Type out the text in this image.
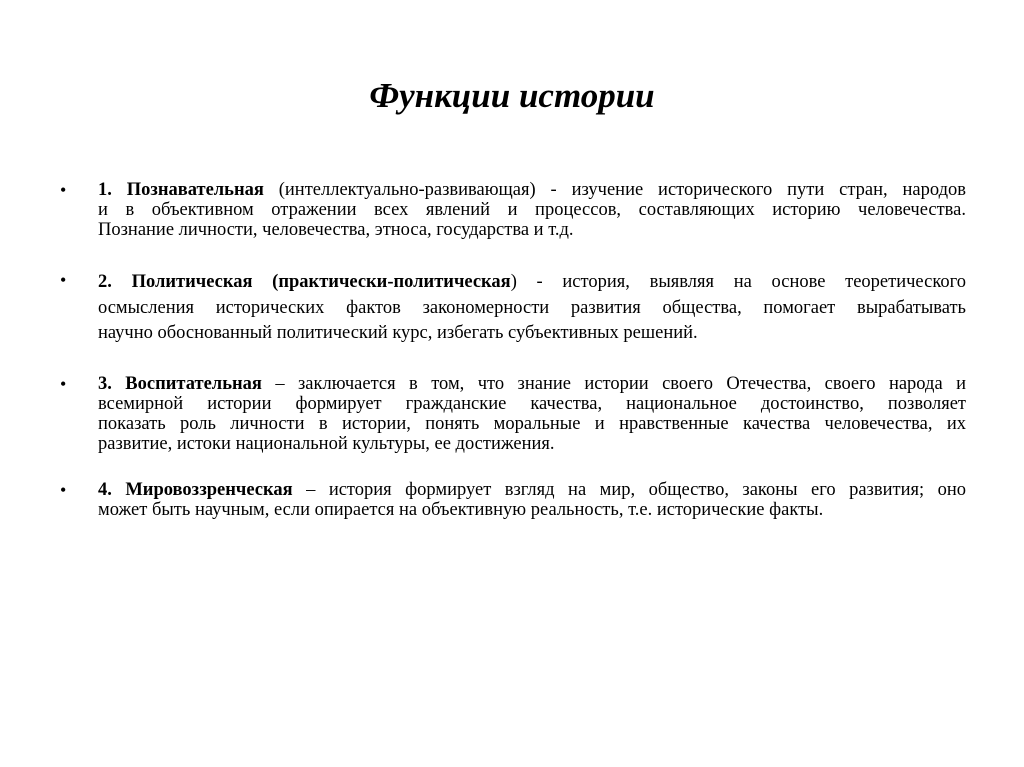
Функции истории
• 1. Познавательная (интеллектуально-развивающая) - изучение исторического пути стран, народов
и в объективном отражении всех явлений и процессов, составляющих историю человечества.
Познание личности, человечества, этноса, государства и т.д.
• 2. Политическая (практически-политическая) - история, выявляя на основе теоретического
осмысления исторических фактов закономерности развития общества, помогает вырабатывать
научно обоснованный политический курс, избегать субъективных решений.
• 3. Воспитательная – заключается в том, что знание истории своего Отечества, своего народа и
всемирной истории формирует гражданские качества, национальное достоинство, позволяет
показать роль личности в истории, понять моральные и нравственные качества человечества, их
развитие, истоки национальной культуры, ее достижения.
• 4. Мировоззренческая – история формирует взгляд на мир, общество, законы его развития; оно
может быть научным, если опирается на объективную реальность, т.е. исторические факты.
